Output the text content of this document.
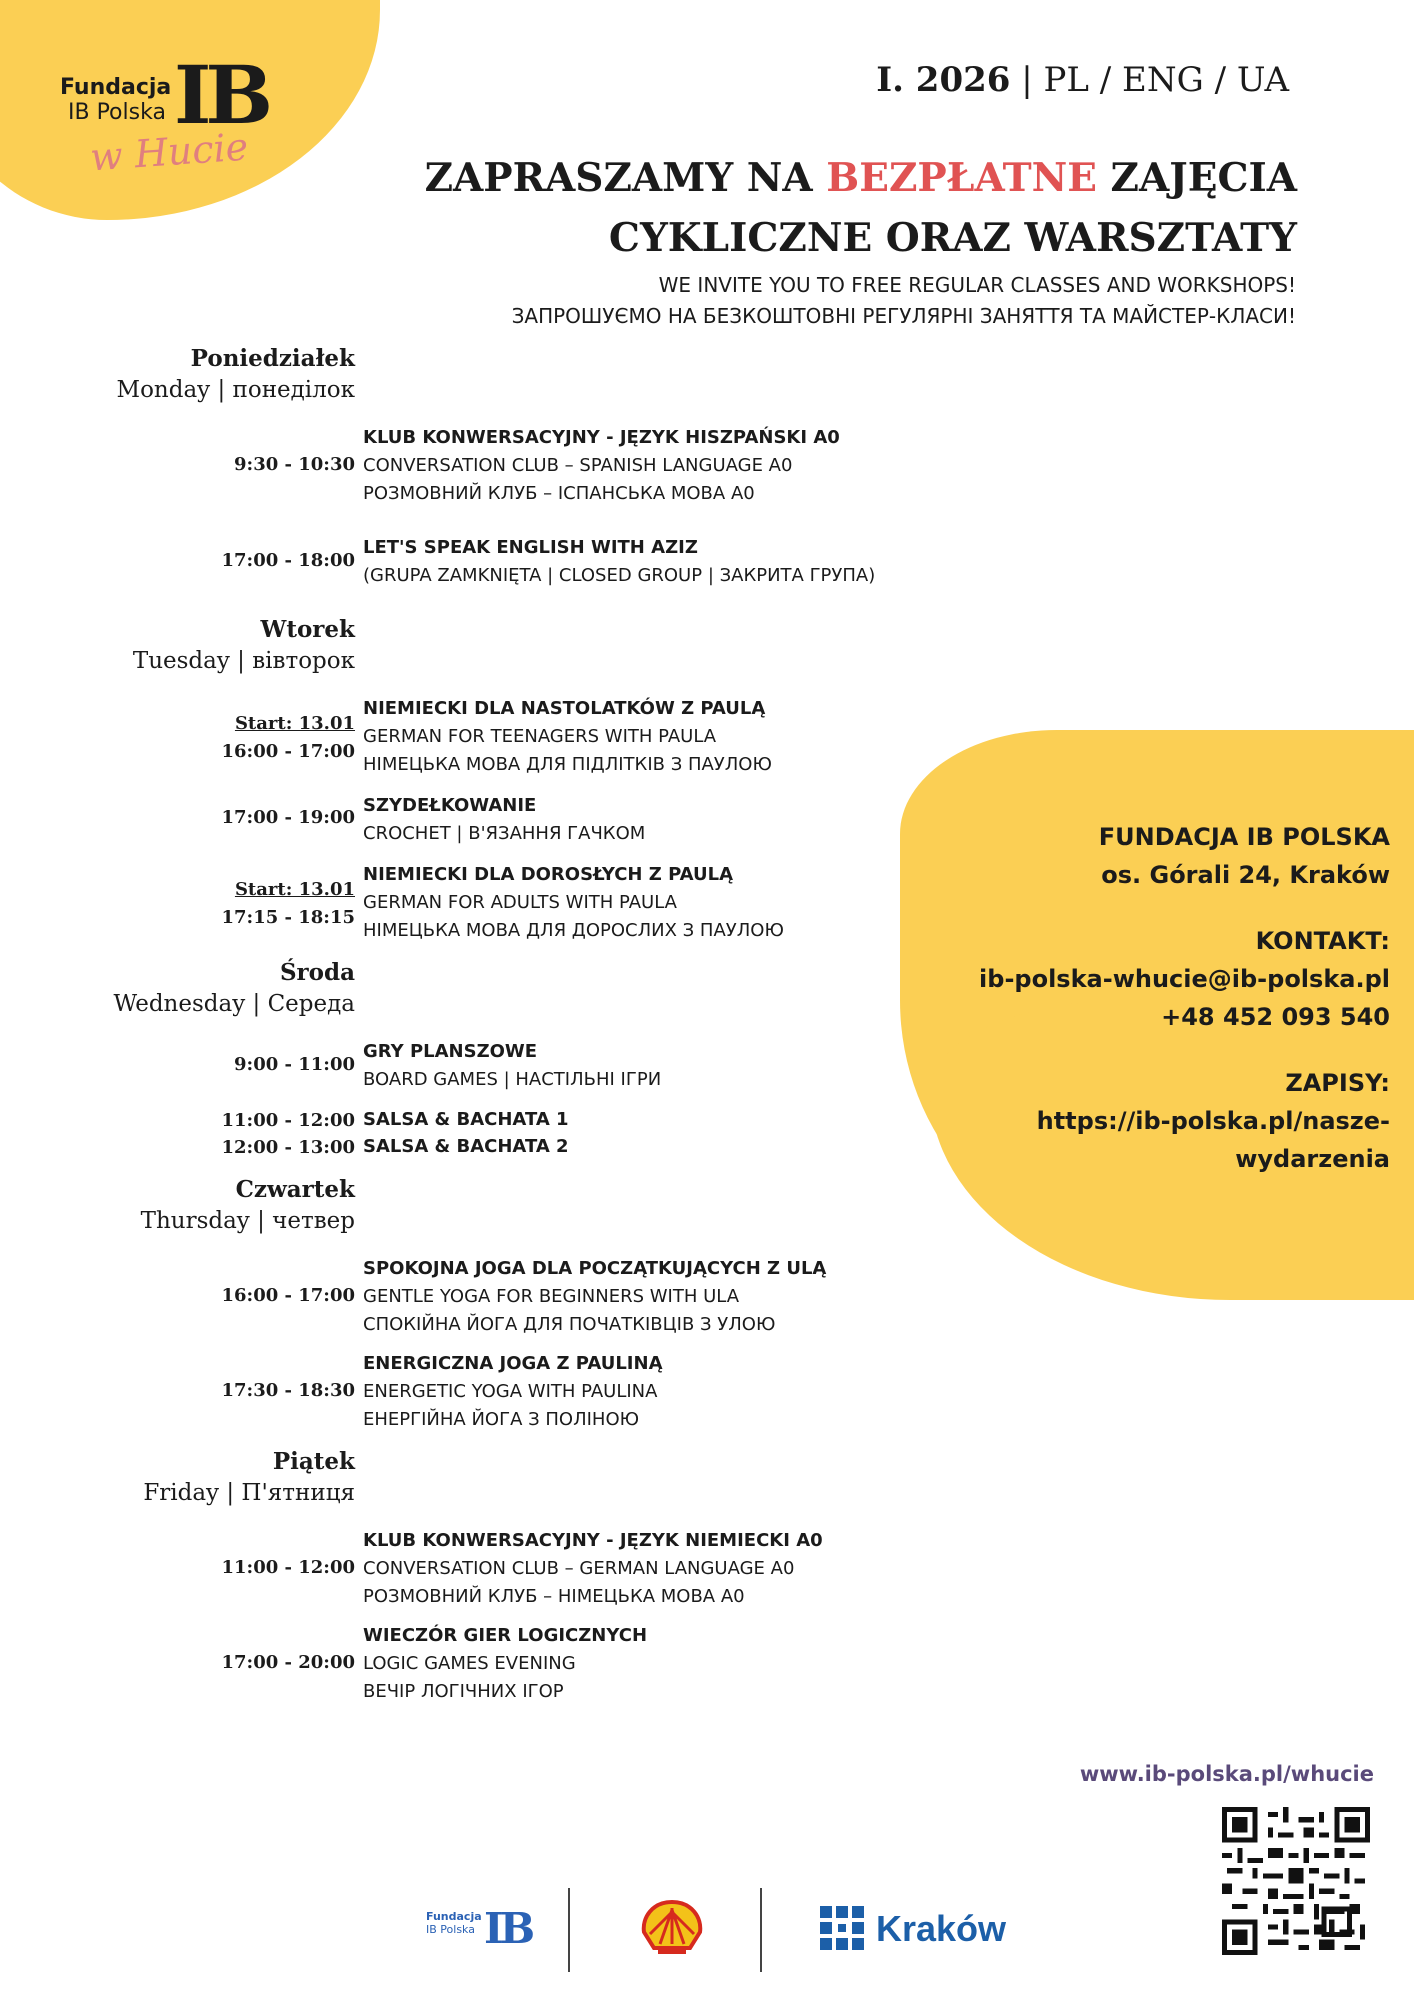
Fundacja
IB Polska IB
w Hucie
I. 2026 | PL / ENG / UA
ZAPRASZAMY NA BEZPŁATNE ZAJĘCIA
CYKLICZNE ORAZ WARSZTATY
WE INVITE YOU TO FREE REGULAR CLASSES AND WORKSHOPS!
ЗАПРОШУЄМО НА БЕЗКОШТОВНІ РЕГУЛЯРНІ ЗАНЯТТЯ ТА МАЙСТЕР-КЛАСИ!
Poniedziałek
Monday | понеділок
9:30 - 10:30
KLUB KONWERSACYJNY - JĘZYK HISZPAŃSKI A0
CONVERSATION CLUB – SPANISH LANGUAGE A0
РОЗМОВНИЙ КЛУБ – ІСПАНСЬКА МОВА А0
17:00 - 18:00
LET'S SPEAK ENGLISH WITH AZIZ
(GRUPA ZAMKNIĘTA | CLOSED GROUP | ЗАКРИТА ГРУПА)
Wtorek
Tuesday | вівторок
Start: 13.01
16:00 - 17:00
NIEMIECKI DLA NASTOLATKÓW Z PAULĄ
GERMAN FOR TEENAGERS WITH PAULA
НІМЕЦЬКА МОВА ДЛЯ ПІДЛІТКІВ З ПАУЛОЮ
17:00 - 19:00
SZYDEŁKOWANIE
CROCHET | В'ЯЗАННЯ ГАЧКОМ
Start: 13.01
17:15 - 18:15
NIEMIECKI DLA DOROSŁYCH Z PAULĄ
GERMAN FOR ADULTS WITH PAULA
НІМЕЦЬКА МОВА ДЛЯ ДОРОСЛИХ З ПАУЛОЮ
Środa
Wednesday | Середа
9:00 - 11:00
GRY PLANSZOWE
BOARD GAMES | НАСТІЛЬНІ ІГРИ
11:00 - 12:00 SALSA & BACHATA 1
12:00 - 13:00 SALSA & BACHATA 2
Czwartek
Thursday | четвер
16:00 - 17:00
SPOKOJNA JOGA DLA POCZĄTKUJĄCYCH Z ULĄ
GENTLE YOGA FOR BEGINNERS WITH ULA
СПОКІЙНА ЙОГА ДЛЯ ПОЧАТКІВЦІВ З УЛОЮ
17:30 - 18:30
ENERGICZNA JOGA Z PAULINĄ
ENERGETIC YOGA WITH PAULINA
ЕНЕРГІЙНА ЙОГА З ПОЛІНОЮ
Piątek
Friday | П'ятниця
11:00 - 12:00
KLUB KONWERSACYJNY - JĘZYK NIEMIECKI A0
CONVERSATION CLUB – GERMAN LANGUAGE A0
РОЗМОВНИЙ КЛУБ – НІМЕЦЬКА МОВА А0
17:00 - 20:00
WIECZÓR GIER LOGICZNYCH
LOGIC GAMES EVENING
ВЕЧІР ЛОГІЧНИХ ІГОР
FUNDACJA IB POLSKA
os. Górali 24, Kraków
KONTAKT:
ib-polska-whucie@ib-polska.pl
+48 452 093 540
ZAPISY:
https://ib-polska.pl/nasze-
wydarzenia
www.ib-polska.pl/whucie
Fundacja
IB Polska IB	Kraków
